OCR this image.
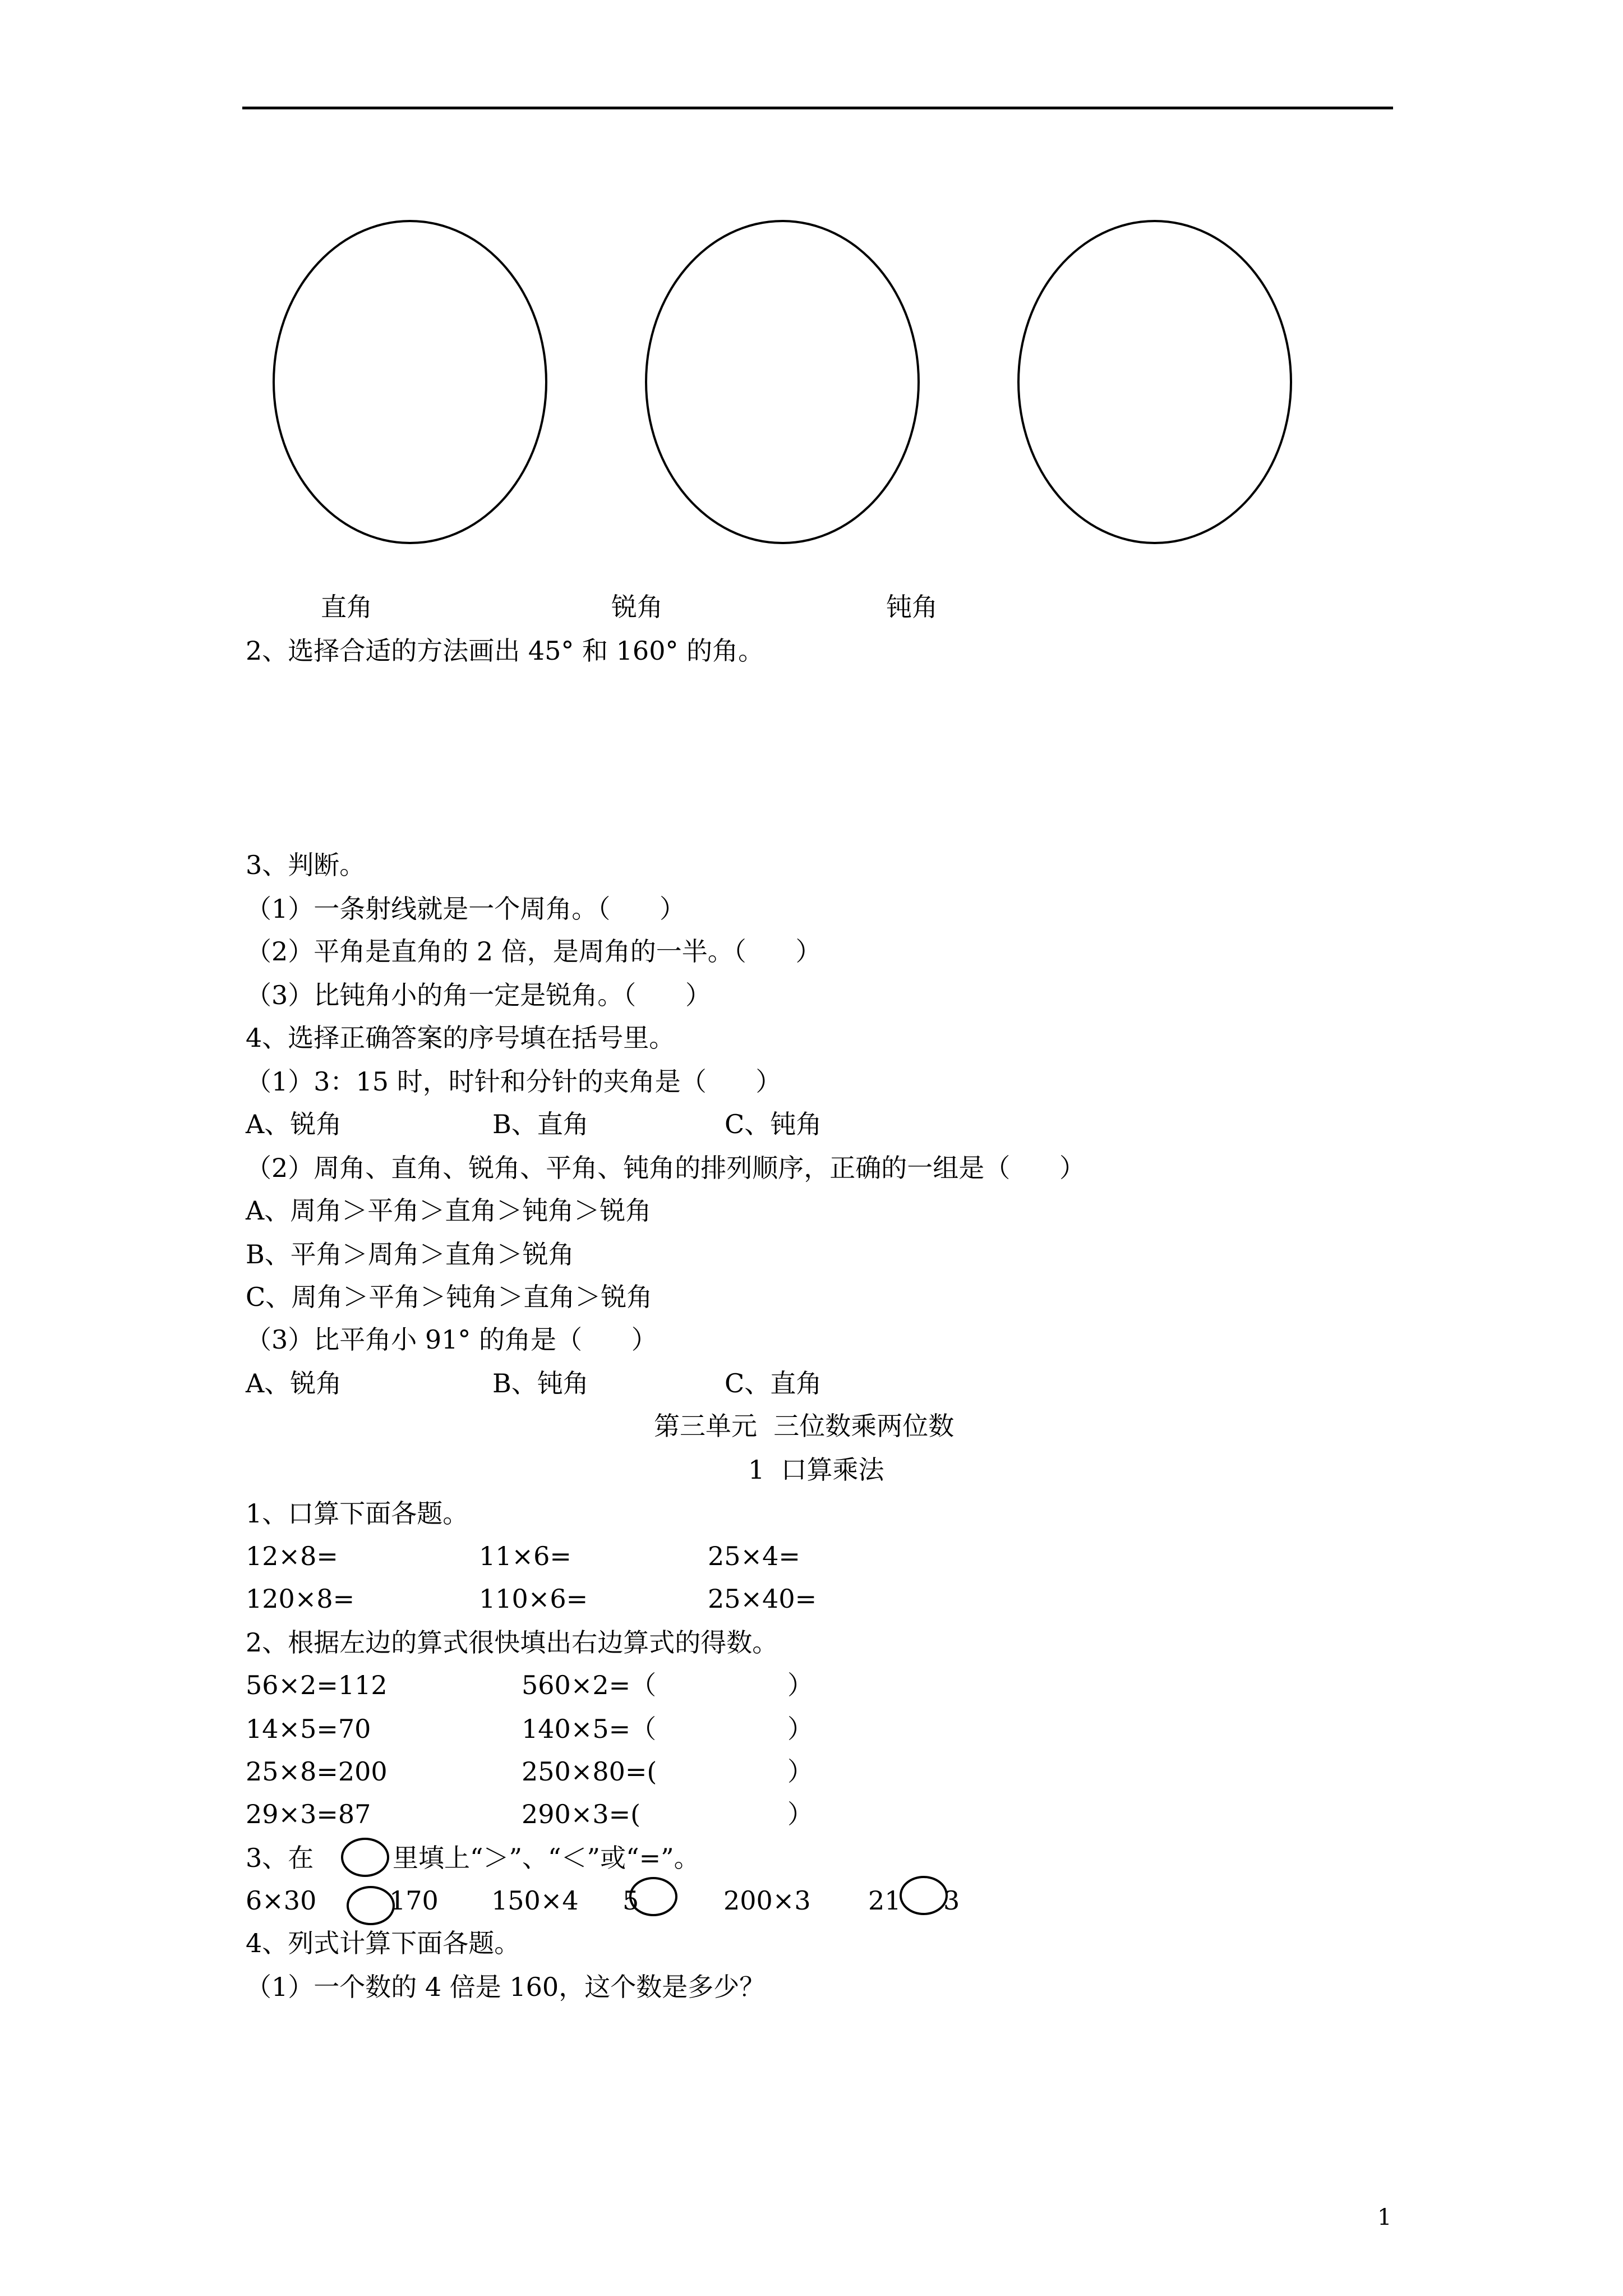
直角	锐角	钝角
2、选择合适的方法画出 45° 和 160° 的角。
3、判断。
（1）一条射线就是一个周角。（      ）
（2）平角是直角的 2 倍，是周角的一半。（      ）
（3）比钝角小的角一定是锐角。（      ）
4、选择正确答案的序号填在括号里。
（1）3：15 时，时针和分针的夹角是（      ）
A、锐角	B、直角	C、钝角
（2）周角、直角、锐角、平角、钝角的排列顺序，正确的一组是（      ）
A、周角＞平角＞直角＞钝角＞锐角
B、平角＞周角＞直角＞锐角
C、周角＞平角＞钝角＞直角＞锐角
（3）比平角小 91° 的角是（      ）
A、锐角	B、钝角	C、直角
第三单元  三位数乘两位数
1  口算乘法
1、口算下面各题。
12×8=	11×6=	25×4=
120×8=	110×6=	25×40=
2、根据左边的算式很快填出右边算式的得数。
56×2=112	560×2=（	）
14×5=70	140×5=（	）
25×8=200	250×80=(	）
29×3=87	290×3=(	）
3、在	里填上“＞”、“＜”或“=”。
6×30	170 150×4 5	200×3 21 3
4、列式计算下面各题。
（1）一个数的 4 倍是 160，这个数是多少？
1
